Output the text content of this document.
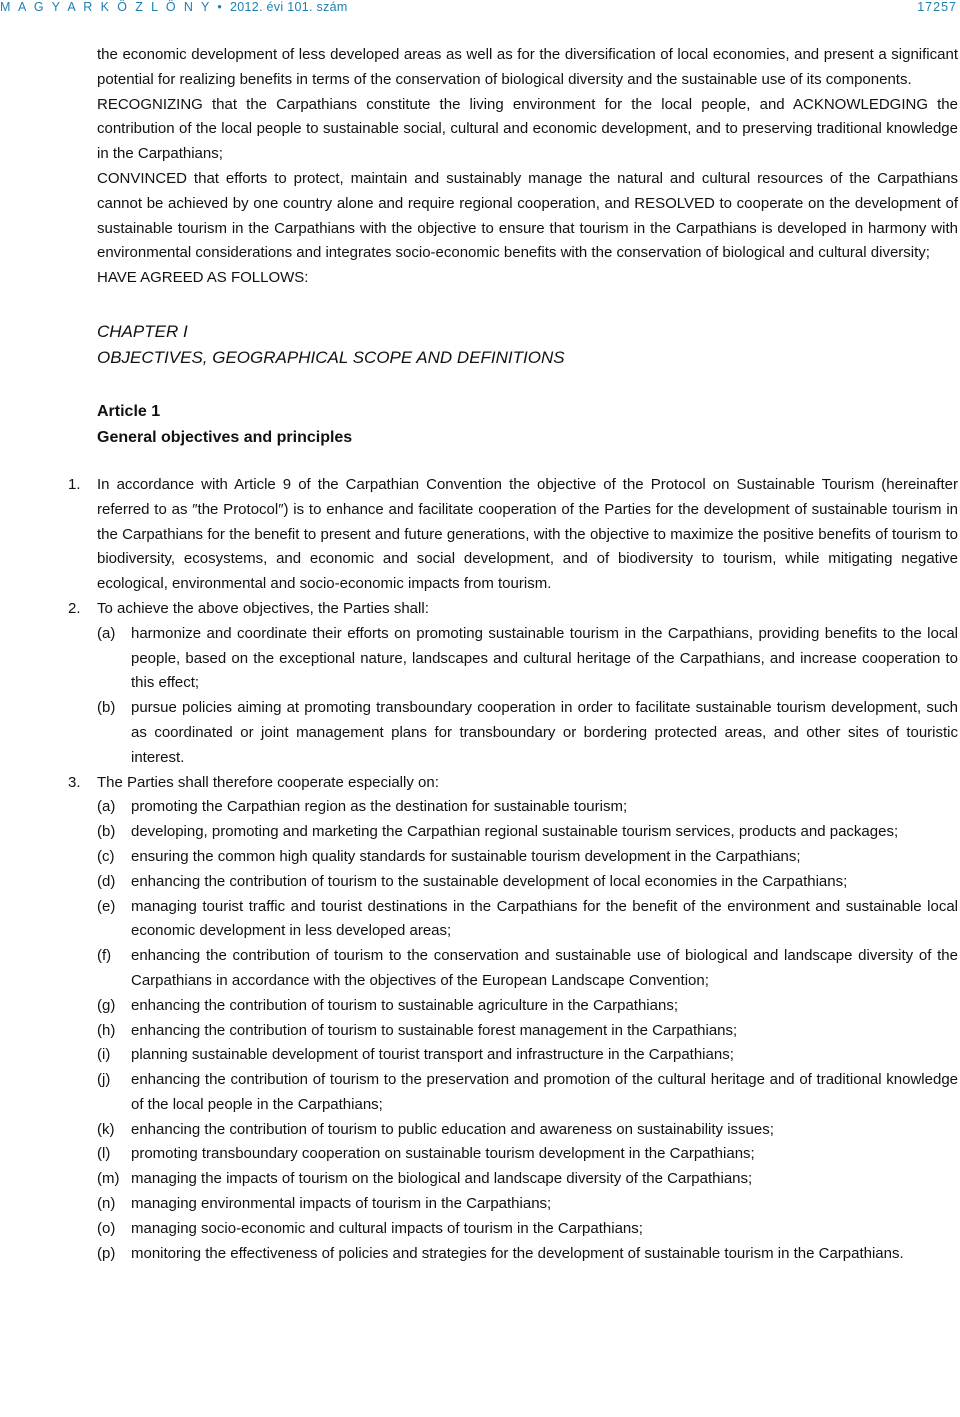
M A G Y A R K Ö Z L Ö N Y • 2012. évi 101. szám	17257

the economic development of less developed areas as well as for the diversification of local economies, and present a significant potential for realizing benefits in terms of the conservation of biological diversity and the sustainable use of its components.

RECOGNIZING that the Carpathians constitute the living environment for the local people, and ACKNOWLEDGING the contribution of the local people to sustainable social, cultural and economic development, and to preserving traditional knowledge in the Carpathians;

CONVINCED that efforts to protect, maintain and sustainably manage the natural and cultural resources of the Carpathians cannot be achieved by one country alone and require regional cooperation, and RESOLVED to cooperate on the development of sustainable tourism in the Carpathians with the objective to ensure that tourism in the Carpathians is developed in harmony with environmental considerations and integrates socio-economic benefits with the conservation of biological and cultural diversity;

HAVE AGREED AS FOLLOWS:

CHAPTER I

OBJECTIVES, GEOGRAPHICAL SCOPE AND DEFINITIONS

Article 1

General objectives and principles

1. In accordance with Article 9 of the Carpathian Convention the objective of the Protocol on Sustainable Tourism (hereinafter referred to as ″the Protocol″) is to enhance and facilitate cooperation of the Parties for the development of sustainable tourism in the Carpathians for the benefit to present and future generations, with the objective to maximize the positive benefits of tourism to biodiversity, ecosystems, and economic and social development, and of biodiversity to tourism, while mitigating negative ecological, environmental and socio-economic impacts from tourism.
2. To achieve the above objectives, the Parties shall:
(a) harmonize and coordinate their efforts on promoting sustainable tourism in the Carpathians, providing benefits to the local people, based on the exceptional nature, landscapes and cultural heritage of the Carpathians, and increase cooperation to this effect;
(b) pursue policies aiming at promoting transboundary cooperation in order to facilitate sustainable tourism development, such as coordinated or joint management plans for transboundary or bordering protected areas, and other sites of touristic interest.
3. The Parties shall therefore cooperate especially on:
(a) promoting the Carpathian region as the destination for sustainable tourism;
(b) developing, promoting and marketing the Carpathian regional sustainable tourism services, products and packages;
(c) ensuring the common high quality standards for sustainable tourism development in the Carpathians;
(d) enhancing the contribution of tourism to the sustainable development of local economies in the Carpathians;
(e) managing tourist traffic and tourist destinations in the Carpathians for the benefit of the environment and sustainable local economic development in less developed areas;
(f) enhancing the contribution of tourism to the conservation and sustainable use of biological and landscape diversity of the Carpathians in accordance with the objectives of the European Landscape Convention;
(g) enhancing the contribution of tourism to sustainable agriculture in the Carpathians;
(h) enhancing the contribution of tourism to sustainable forest management in the Carpathians;
(i) planning sustainable development of tourist transport and infrastructure in the Carpathians;
(j) enhancing the contribution of tourism to the preservation and promotion of the cultural heritage and of traditional knowledge of the local people in the Carpathians;
(k) enhancing the contribution of tourism to public education and awareness on sustainability issues;
(l) promoting transboundary cooperation on sustainable tourism development in the Carpathians;
(m) managing the impacts of tourism on the biological and landscape diversity of the Carpathians;
(n) managing environmental impacts of tourism in the Carpathians;
(o) managing socio-economic and cultural impacts of tourism in the Carpathians;
(p) monitoring the effectiveness of policies and strategies for the development of sustainable tourism in the Carpathians.
